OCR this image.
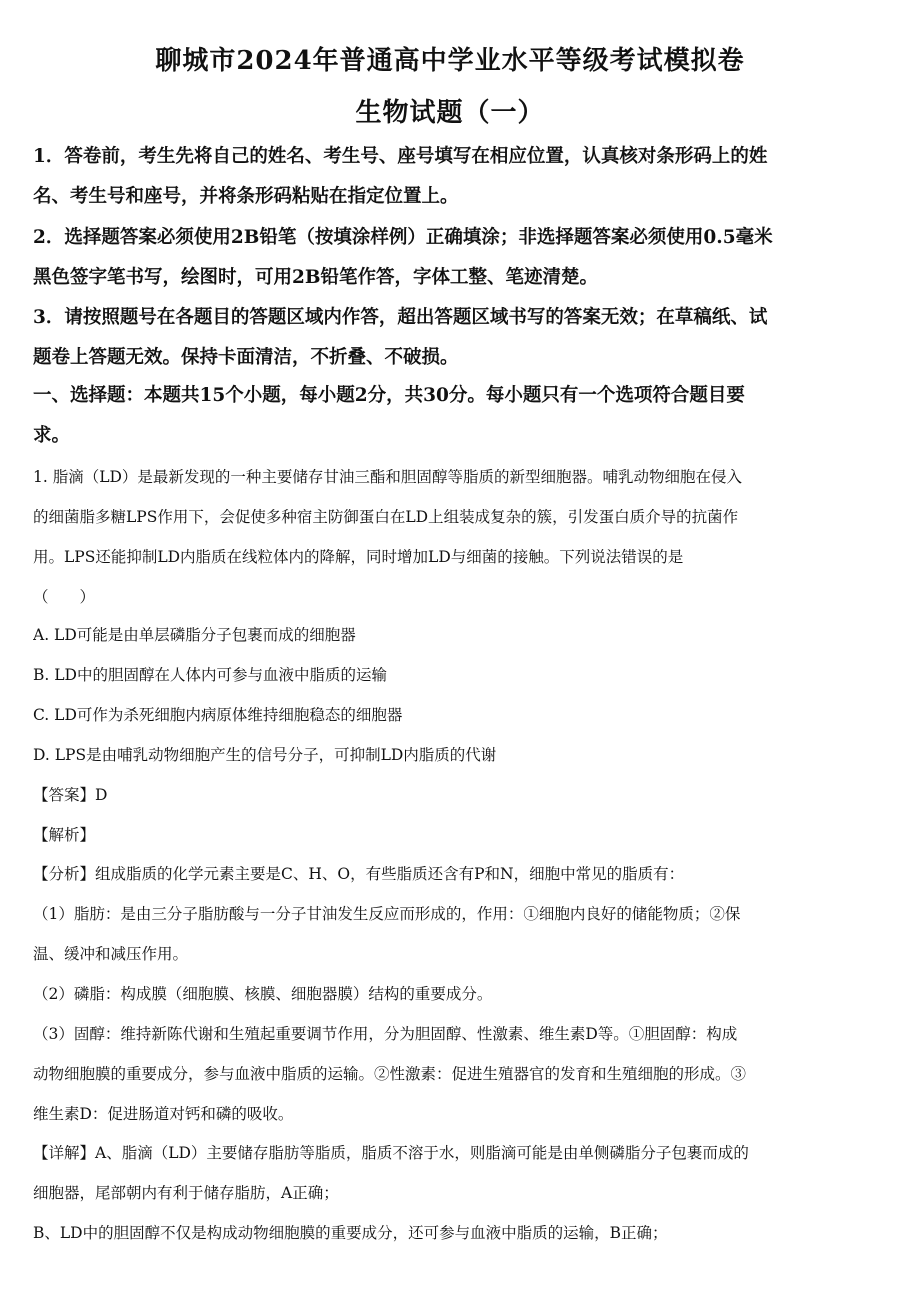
聊城市2024年普通高中学业水平等级考试模拟卷
生物试题（一）
1．答卷前，考生先将自己的姓名、考生号、座号填写在相应位置，认真核对条形码上的姓
名、考生号和座号，并将条形码粘贴在指定位置上。
2．选择题答案必须使用2B铅笔（按填涂样例）正确填涂；非选择题答案必须使用0.5毫米
黑色签字笔书写，绘图时，可用2B铅笔作答，字体工整、笔迹清楚。
3．请按照题号在各题目的答题区域内作答，超出答题区域书写的答案无效；在草稿纸、试
题卷上答题无效。保持卡面清洁，不折叠、不破损。
一、选择题：本题共15个小题，每小题2分，共30分。每小题只有一个选项符合题目要
求。
1. 脂滴（LD）是最新发现的一种主要储存甘油三酯和胆固醇等脂质的新型细胞器。哺乳动物细胞在侵入
的细菌脂多糖LPS作用下，会促使多种宿主防御蛋白在LD上组装成复杂的簇，引发蛋白质介导的抗菌作
用。LPS还能抑制LD内脂质在线粒体内的降解，同时增加LD与细菌的接触。下列说法错误的是
（　　）
A. LD可能是由单层磷脂分子包裹而成的细胞器
B. LD中的胆固醇在人体内可参与血液中脂质的运输
C. LD可作为杀死细胞内病原体维持细胞稳态的细胞器
D. LPS是由哺乳动物细胞产生的信号分子，可抑制LD内脂质的代谢
【答案】D
【解析】
【分析】组成脂质的化学元素主要是C、H、O，有些脂质还含有P和N，细胞中常见的脂质有：
（1）脂肪：是由三分子脂肪酸与一分子甘油发生反应而形成的，作用：①细胞内良好的储能物质；②保
温、缓冲和减压作用。
（2）磷脂：构成膜（细胞膜、核膜、细胞器膜）结构的重要成分。
（3）固醇：维持新陈代谢和生殖起重要调节作用，分为胆固醇、性激素、维生素D等。①胆固醇：构成
动物细胞膜的重要成分，参与血液中脂质的运输。②性激素：促进生殖器官的发育和生殖细胞的形成。③
维生素D：促进肠道对钙和磷的吸收。
【详解】A、脂滴（LD）主要储存脂肪等脂质，脂质不溶于水，则脂滴可能是由单侧磷脂分子包裹而成的
细胞器，尾部朝内有利于储存脂肪，A正确；
B、LD中的胆固醇不仅是构成动物细胞膜的重要成分，还可参与血液中脂质的运输，B正确；
